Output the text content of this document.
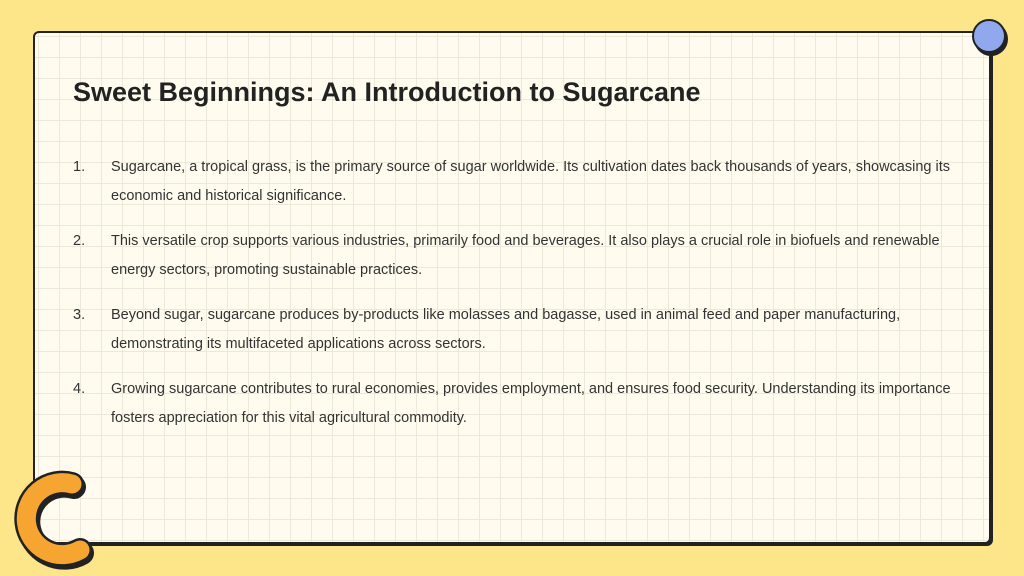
Sweet Beginnings: An Introduction to Sugarcane
1. Sugarcane, a tropical grass, is the primary source of sugar worldwide. Its cultivation dates back thousands of years, showcasing its economic and historical significance.
2. This versatile crop supports various industries, primarily food and beverages. It also plays a crucial role in biofuels and renewable energy sectors, promoting sustainable practices.
3. Beyond sugar, sugarcane produces by-products like molasses and bagasse, used in animal feed and paper manufacturing, demonstrating its multifaceted applications across sectors.
4. Growing sugarcane contributes to rural economies, provides employment, and ensures food security. Understanding its importance fosters appreciation for this vital agricultural commodity.
